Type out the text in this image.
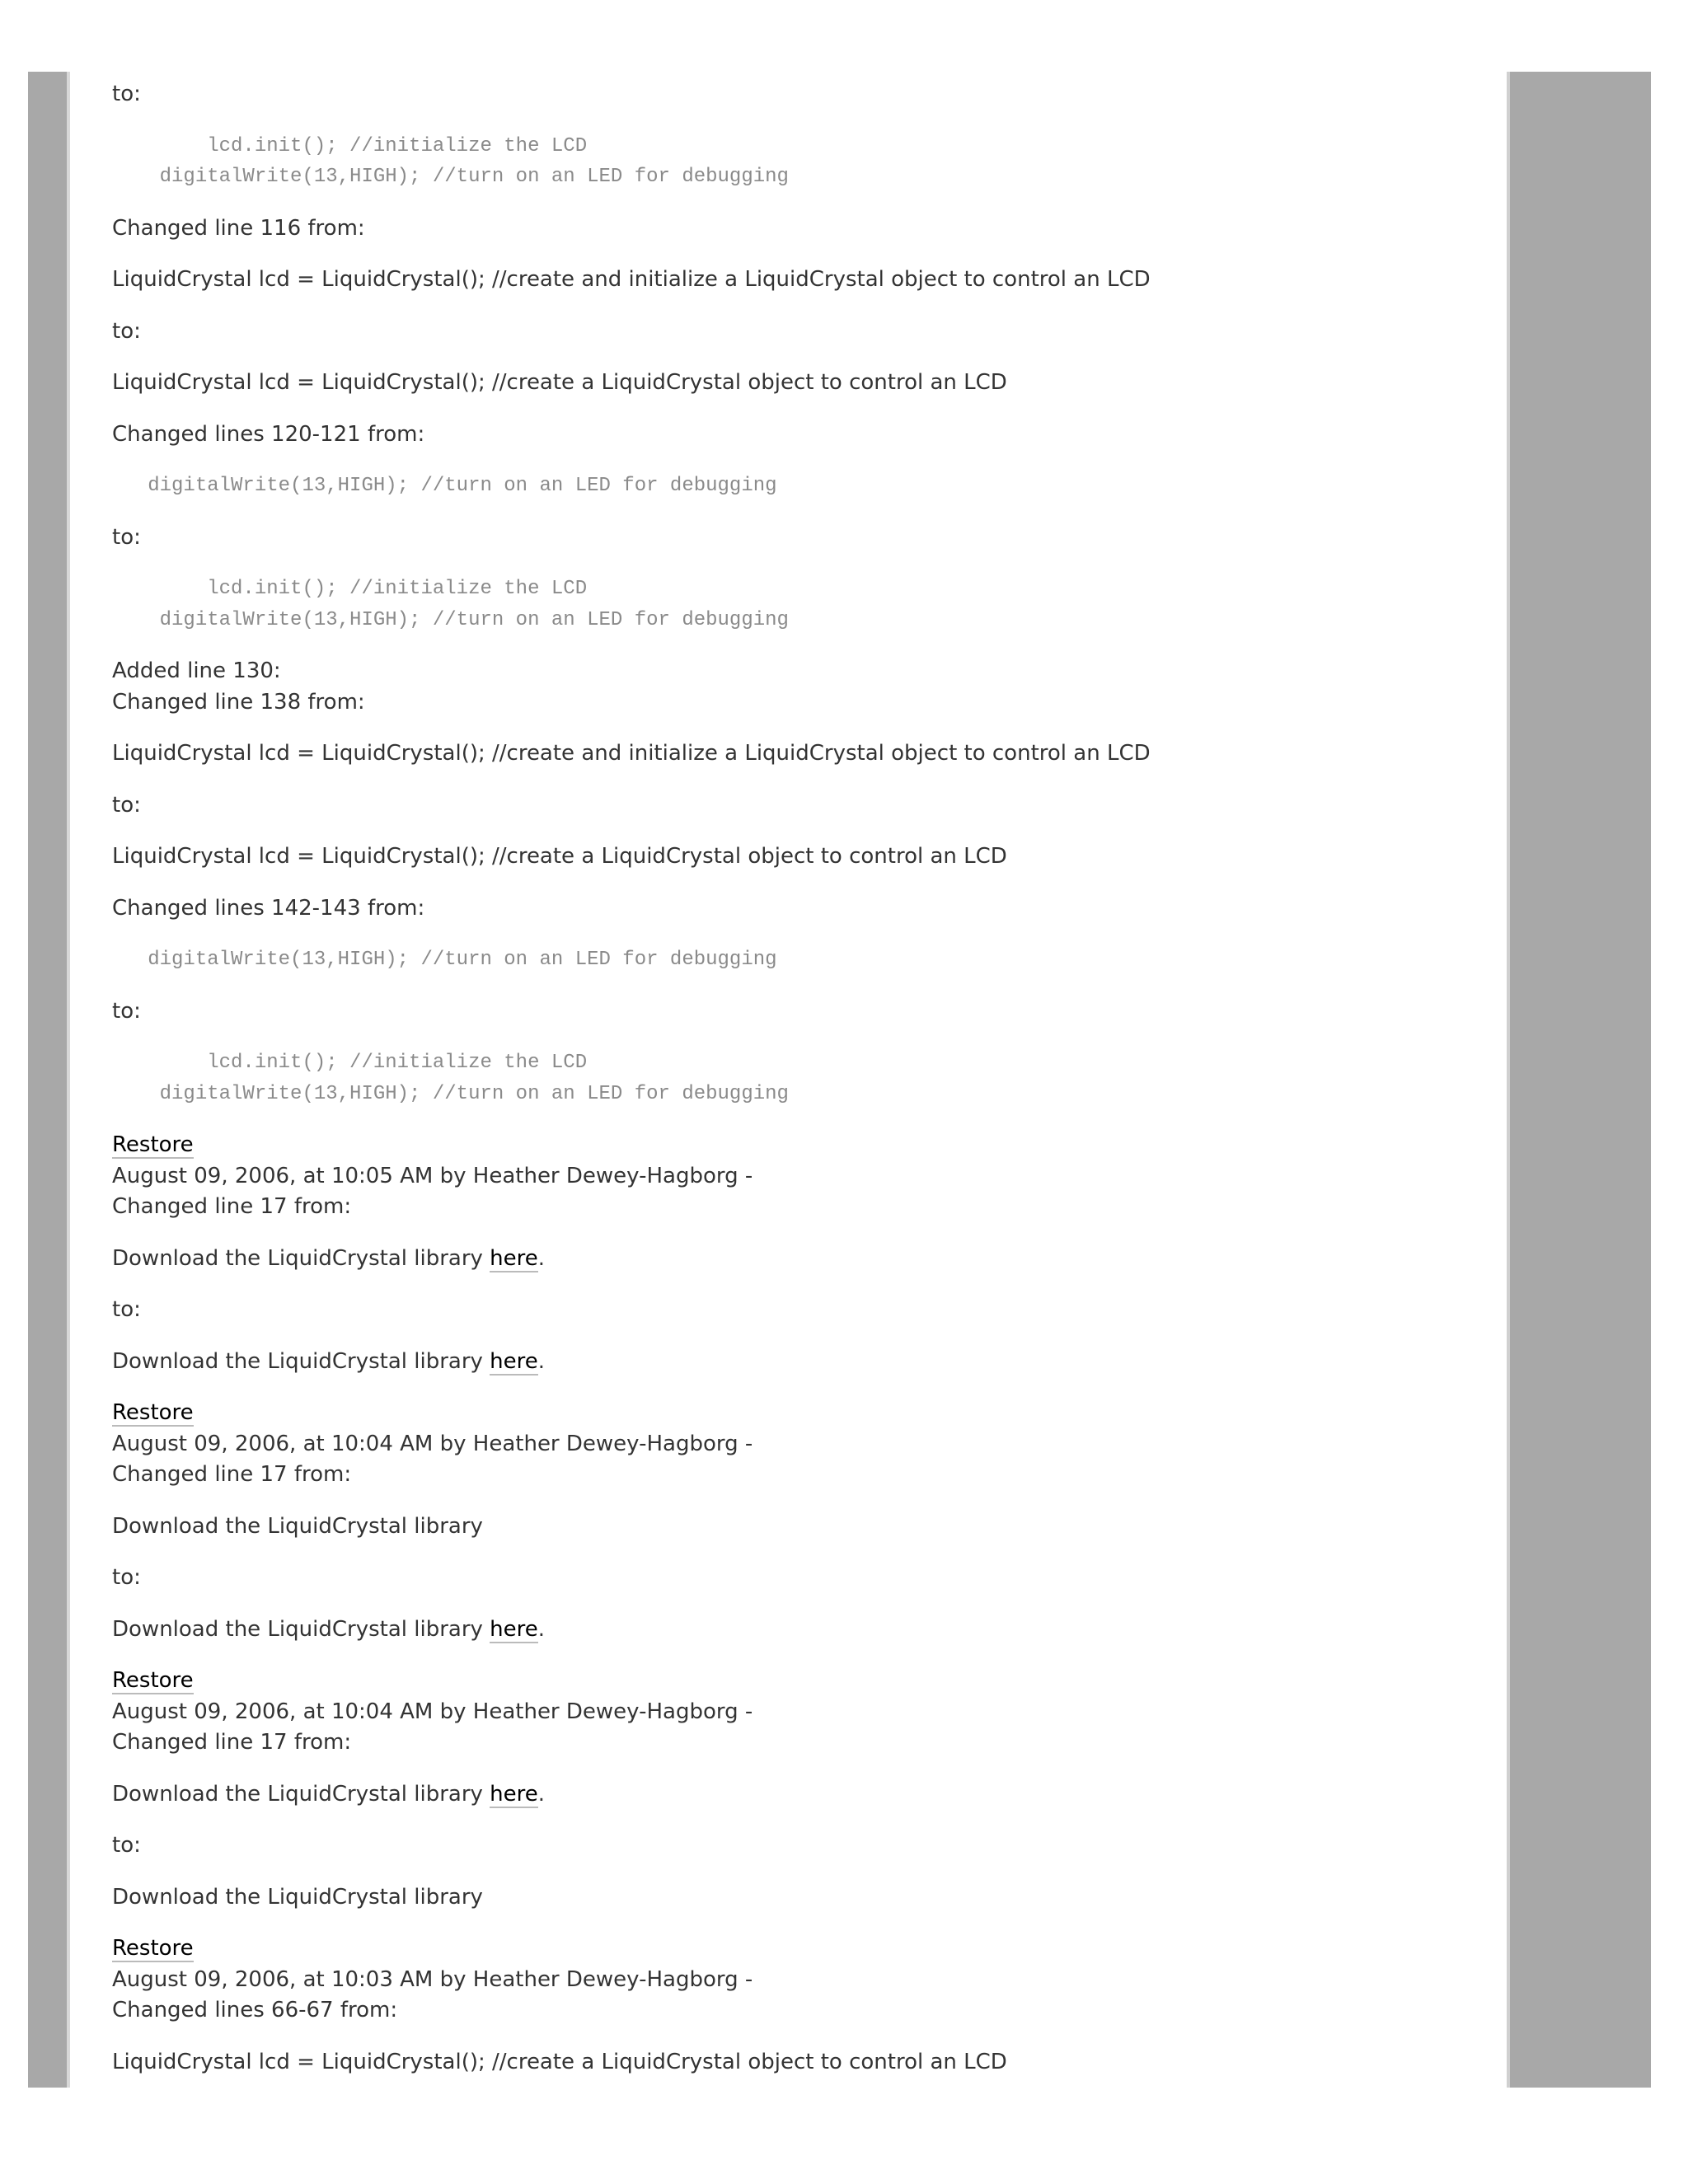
to:

lcd.init(); //initialize the LCD
digitalWrite(13,HIGH); //turn on an LED for debugging

Changed line 116 from:

LiquidCrystal lcd = LiquidCrystal(); //create and initialize a LiquidCrystal object to control an LCD

to:

LiquidCrystal lcd = LiquidCrystal(); //create a LiquidCrystal object to control an LCD

Changed lines 120-121 from:

digitalWrite(13,HIGH); //turn on an LED for debugging

to:

lcd.init(); //initialize the LCD
digitalWrite(13,HIGH); //turn on an LED for debugging

Added line 130:

Changed line 138 from:

LiquidCrystal lcd = LiquidCrystal(); //create and initialize a LiquidCrystal object to control an LCD

to:

LiquidCrystal lcd = LiquidCrystal(); //create a LiquidCrystal object to control an LCD

Changed lines 142-143 from:

digitalWrite(13,HIGH); //turn on an LED for debugging

to:

lcd.init(); //initialize the LCD
digitalWrite(13,HIGH); //turn on an LED for debugging

Restore

August 09, 2006, at 10:05 AM by Heather Dewey-Hagborg -

Changed line 17 from:

Download the LiquidCrystal library here.

to:

Download the LiquidCrystal library here.

Restore

August 09, 2006, at 10:04 AM by Heather Dewey-Hagborg -

Changed line 17 from:

Download the LiquidCrystal library

to:

Download the LiquidCrystal library here.

Restore

August 09, 2006, at 10:04 AM by Heather Dewey-Hagborg -

Changed line 17 from:

Download the LiquidCrystal library here.

to:

Download the LiquidCrystal library

Restore

August 09, 2006, at 10:03 AM by Heather Dewey-Hagborg -

Changed lines 66-67 from:

LiquidCrystal lcd = LiquidCrystal(); //create a LiquidCrystal object to control an LCD
